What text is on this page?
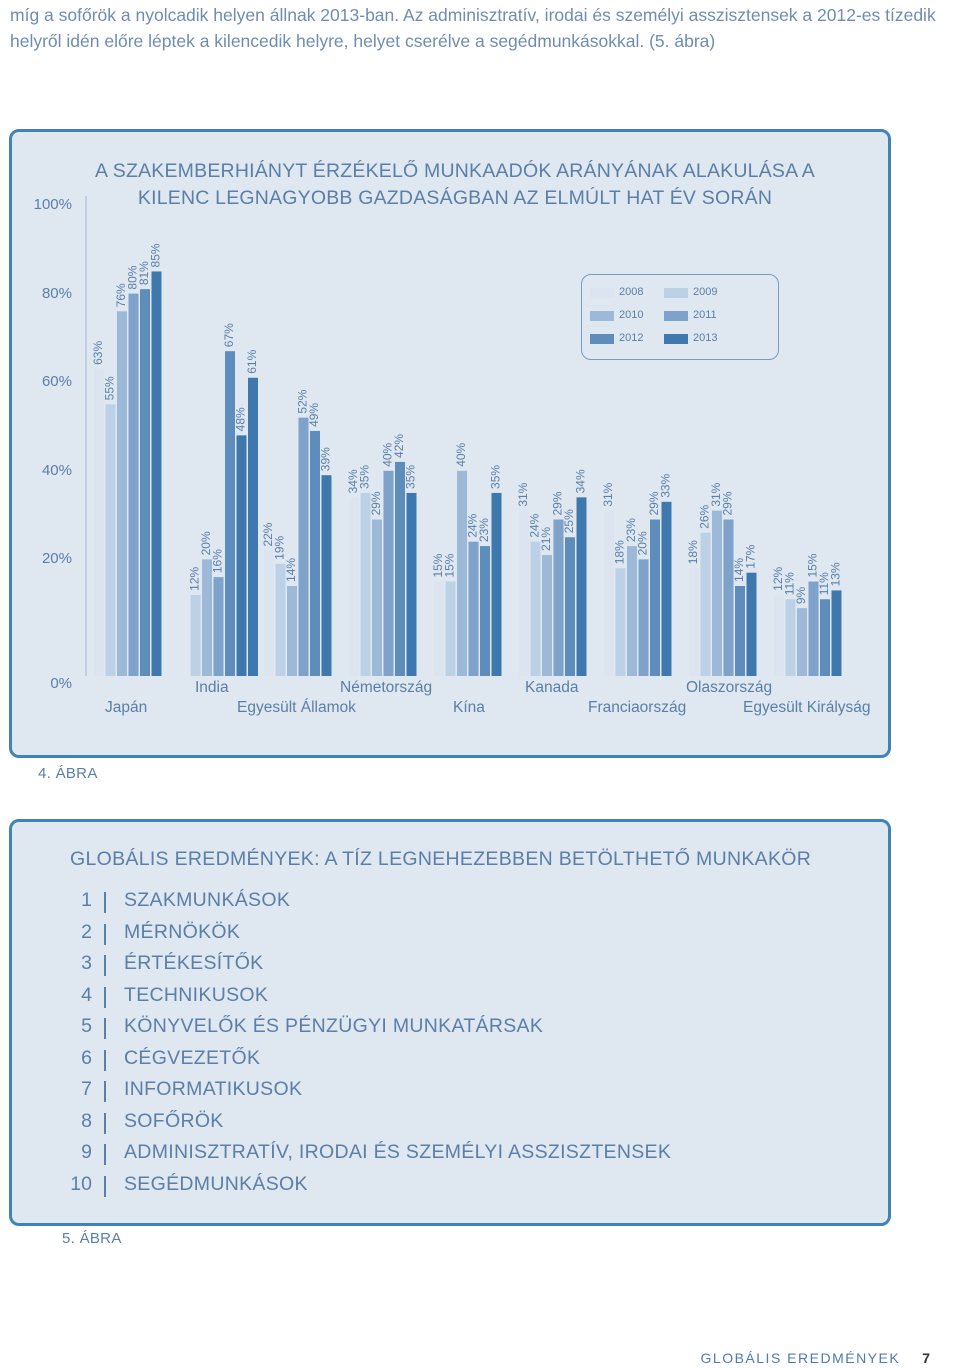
míg a sofőrök a nyolcadik helyen állnak 2013-ban. Az adminisztratív, irodai és személyi asszisztensek a 2012-es tízedik helyről idén előre léptek a kilencedik helyre, helyet cserélve a segédmunkásokkal. (5. ábra)
A SZAKEMBERHIÁNYT ÉRZÉKELŐ MUNKAADÓK ARÁNYÁNAK ALAKULÁSA A KILENC LEGNAGYOBB GAZDASÁGBAN AZ ELMÚLT HAT ÉV SORÁN
100%
80%
60%
40%
20%
0%
2008	2009
2010	2011
2012	2013
63%
55%
76%
80%
81%
85%
12%
20%
16%
67%
48%
61%
22%
19%
14%
52%
49%
39%
34%
35%
29%
40%
42%
35%
15%
15%
40%
24%
23%
35%
31%
24%
21%
29%
25%
34%
31%
18%
23%
20%
29%
33%
18%
26%
31%
29%
14%
17%
12%
11%
9%
15%
11%
13%
Japán
India
Egyesült Államok
Németország
Kína
Kanada
Franciaország
Olaszország
Egyesült Királyság
4. ÁBRA
GLOBÁLIS EREDMÉNYEK: A TÍZ LEGNEHEZEBBEN BETÖLTHETŐ MUNKAKÖR
1 SZAKMUNKÁSOK
2 MÉRNÖKÖK
3 ÉRTÉKESÍTŐK
4 TECHNIKUSOK
5 KÖNYVELŐK ÉS PÉNZÜGYI MUNKATÁRSAK
6 CÉGVEZETŐK
7 INFORMATIKUSOK
8 SOFŐRÖK
9 ADMINISZTRATÍV, IRODAI ÉS SZEMÉLYI ASSZISZTENSEK
10 SEGÉDMUNKÁSOK
5. ÁBRA
GLOBÁLIS EREDMÉNYEK 7
